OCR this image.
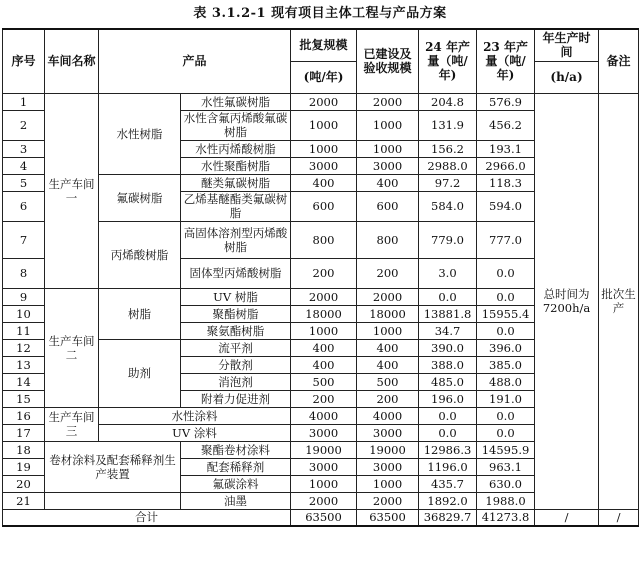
表 3.1.2-1 现有项目主体工程与产品方案
序号	车间名称	产品		批复规模	已建设及验收规模	24 年产量（吨/年)	23 年产量（吨/年)	年生产时间	备注
				(吨/年)				(h/a)	
1	生产车间一	水性树脂	水性氟碳树脂	2000	2000	204.8	576.9	总时间为7200h/a	批次生产
2			水性含氟丙烯酸氟碳树脂	1000	1000	131.9	456.2		
3			水性丙烯酸树脂	1000	1000	156.2	193.1		
4			水性聚酯树脂	3000	3000	2988.0	2966.0		
5		氟碳树脂	醚类氟碳树脂	400	400	97.2	118.3		
6			乙烯基醚酯类氟碳树脂	600	600	584.0	594.0		
7		丙烯酸树脂	高固体溶剂型丙烯酸树脂	800	800	779.0	777.0		
8			固体型丙烯酸树脂	200	200	3.0	0.0		
9	生产车间二	树脂	UV 树脂	2000	2000	0.0	0.0		
10			聚酯树脂	18000	18000	13881.8	15955.4		
11			聚氨酯树脂	1000	1000	34.7	0.0		
12		助剂	流平剂	400	400	390.0	396.0		
13			分散剂	400	400	388.0	385.0		
14			消泡剂	500	500	485.0	488.0		
15			附着力促进剂	200	200	196.0	191.0		
16	生产车间三	水性涂料		4000	4000	0.0	0.0		
17		UV 涂料		3000	3000	0.0	0.0		
18	卷材涂料及配套稀释剂生产装置		聚酯卷材涂料	19000	19000	12986.3	14595.9		
19			配套稀释剂	3000	3000	1196.0	963.1		
20			氟碳涂料	1000	1000	435.7	630.0		
21			油墨	2000	2000	1892.0	1988.0		
合计				63500	63500	36829.7	41273.8	/	/
